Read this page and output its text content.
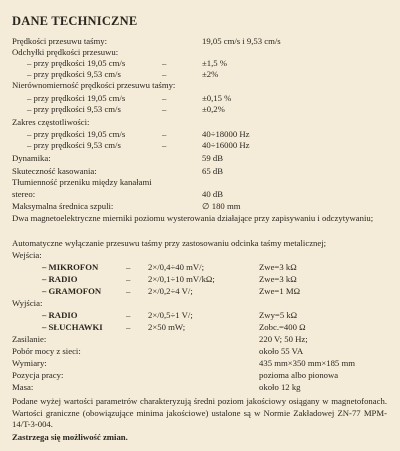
DANE TECHNICZNE
Prędkości przesuwu taśmy:	19,05 cm/s i 9,53 cm/s
Odchyłki prędkości przesuwu:
– przy prędkości 19,05 cm/s	–	±1,5 %
– przy prędkości 9,53 cm/s	–	±2%
Nierównomierność prędkości przesuwu taśmy:
– przy prędkości 19,05 cm/s	–	±0,15 %
– przy prędkości 9,53 cm/s	–	±0,2%
Zakres częstotliwości:
– przy prędkości 19,05 cm/s	–	40÷18000 Hz
– przy prędkości 9,53 cm/s	–	40÷16000 Hz
Dynamika:	59 dB
Skuteczność kasowania:	65 dB
Tłumienność przeniku między kanałami
stereo:	40 dB
Maksymalna średnica szpuli:	∅ 180 mm
Dwa magnetoelektryczne mierniki poziomu wysterowania działające przy zapisywaniu i odczytywaniu;
Automatyczne wyłączanie przesuwu taśmy przy zastosowaniu odcinka taśmy metalicznej;
Wejścia:
– MIKROFON	– 2×/0,4÷40 mV/;	Zwe=3 kΩ
– RADIO	– 2×/0,1÷10 mV/kΩ;	Zwe=3 kΩ
– GRAMOFON	– 2×/0,2÷4 V/;	Zwe=1 MΩ
Wyjścia:
– RADIO	– 2×/0,5÷1 V/;	Zwy=5 kΩ
– SŁUCHAWKI	– 2×50 mW;	Zobc.=400 Ω
Zasilanie:	220 V; 50 Hz;
Pobór mocy z sieci:	około 55 VA
Wymiary:	435 mm×350 mm×185 mm
Pozycja pracy:	pozioma albo pionowa
Masa:	około 12 kg
Podane wyżej wartości parametrów charakteryzują średni poziom jakościowy osiągany w magnetofonach. Wartości graniczne (obowiązujące minima jakościowe) ustalone są w Normie Zakładowej ZN-77 MPM-14/T-3-004.
Zastrzega się możliwość zmian.
